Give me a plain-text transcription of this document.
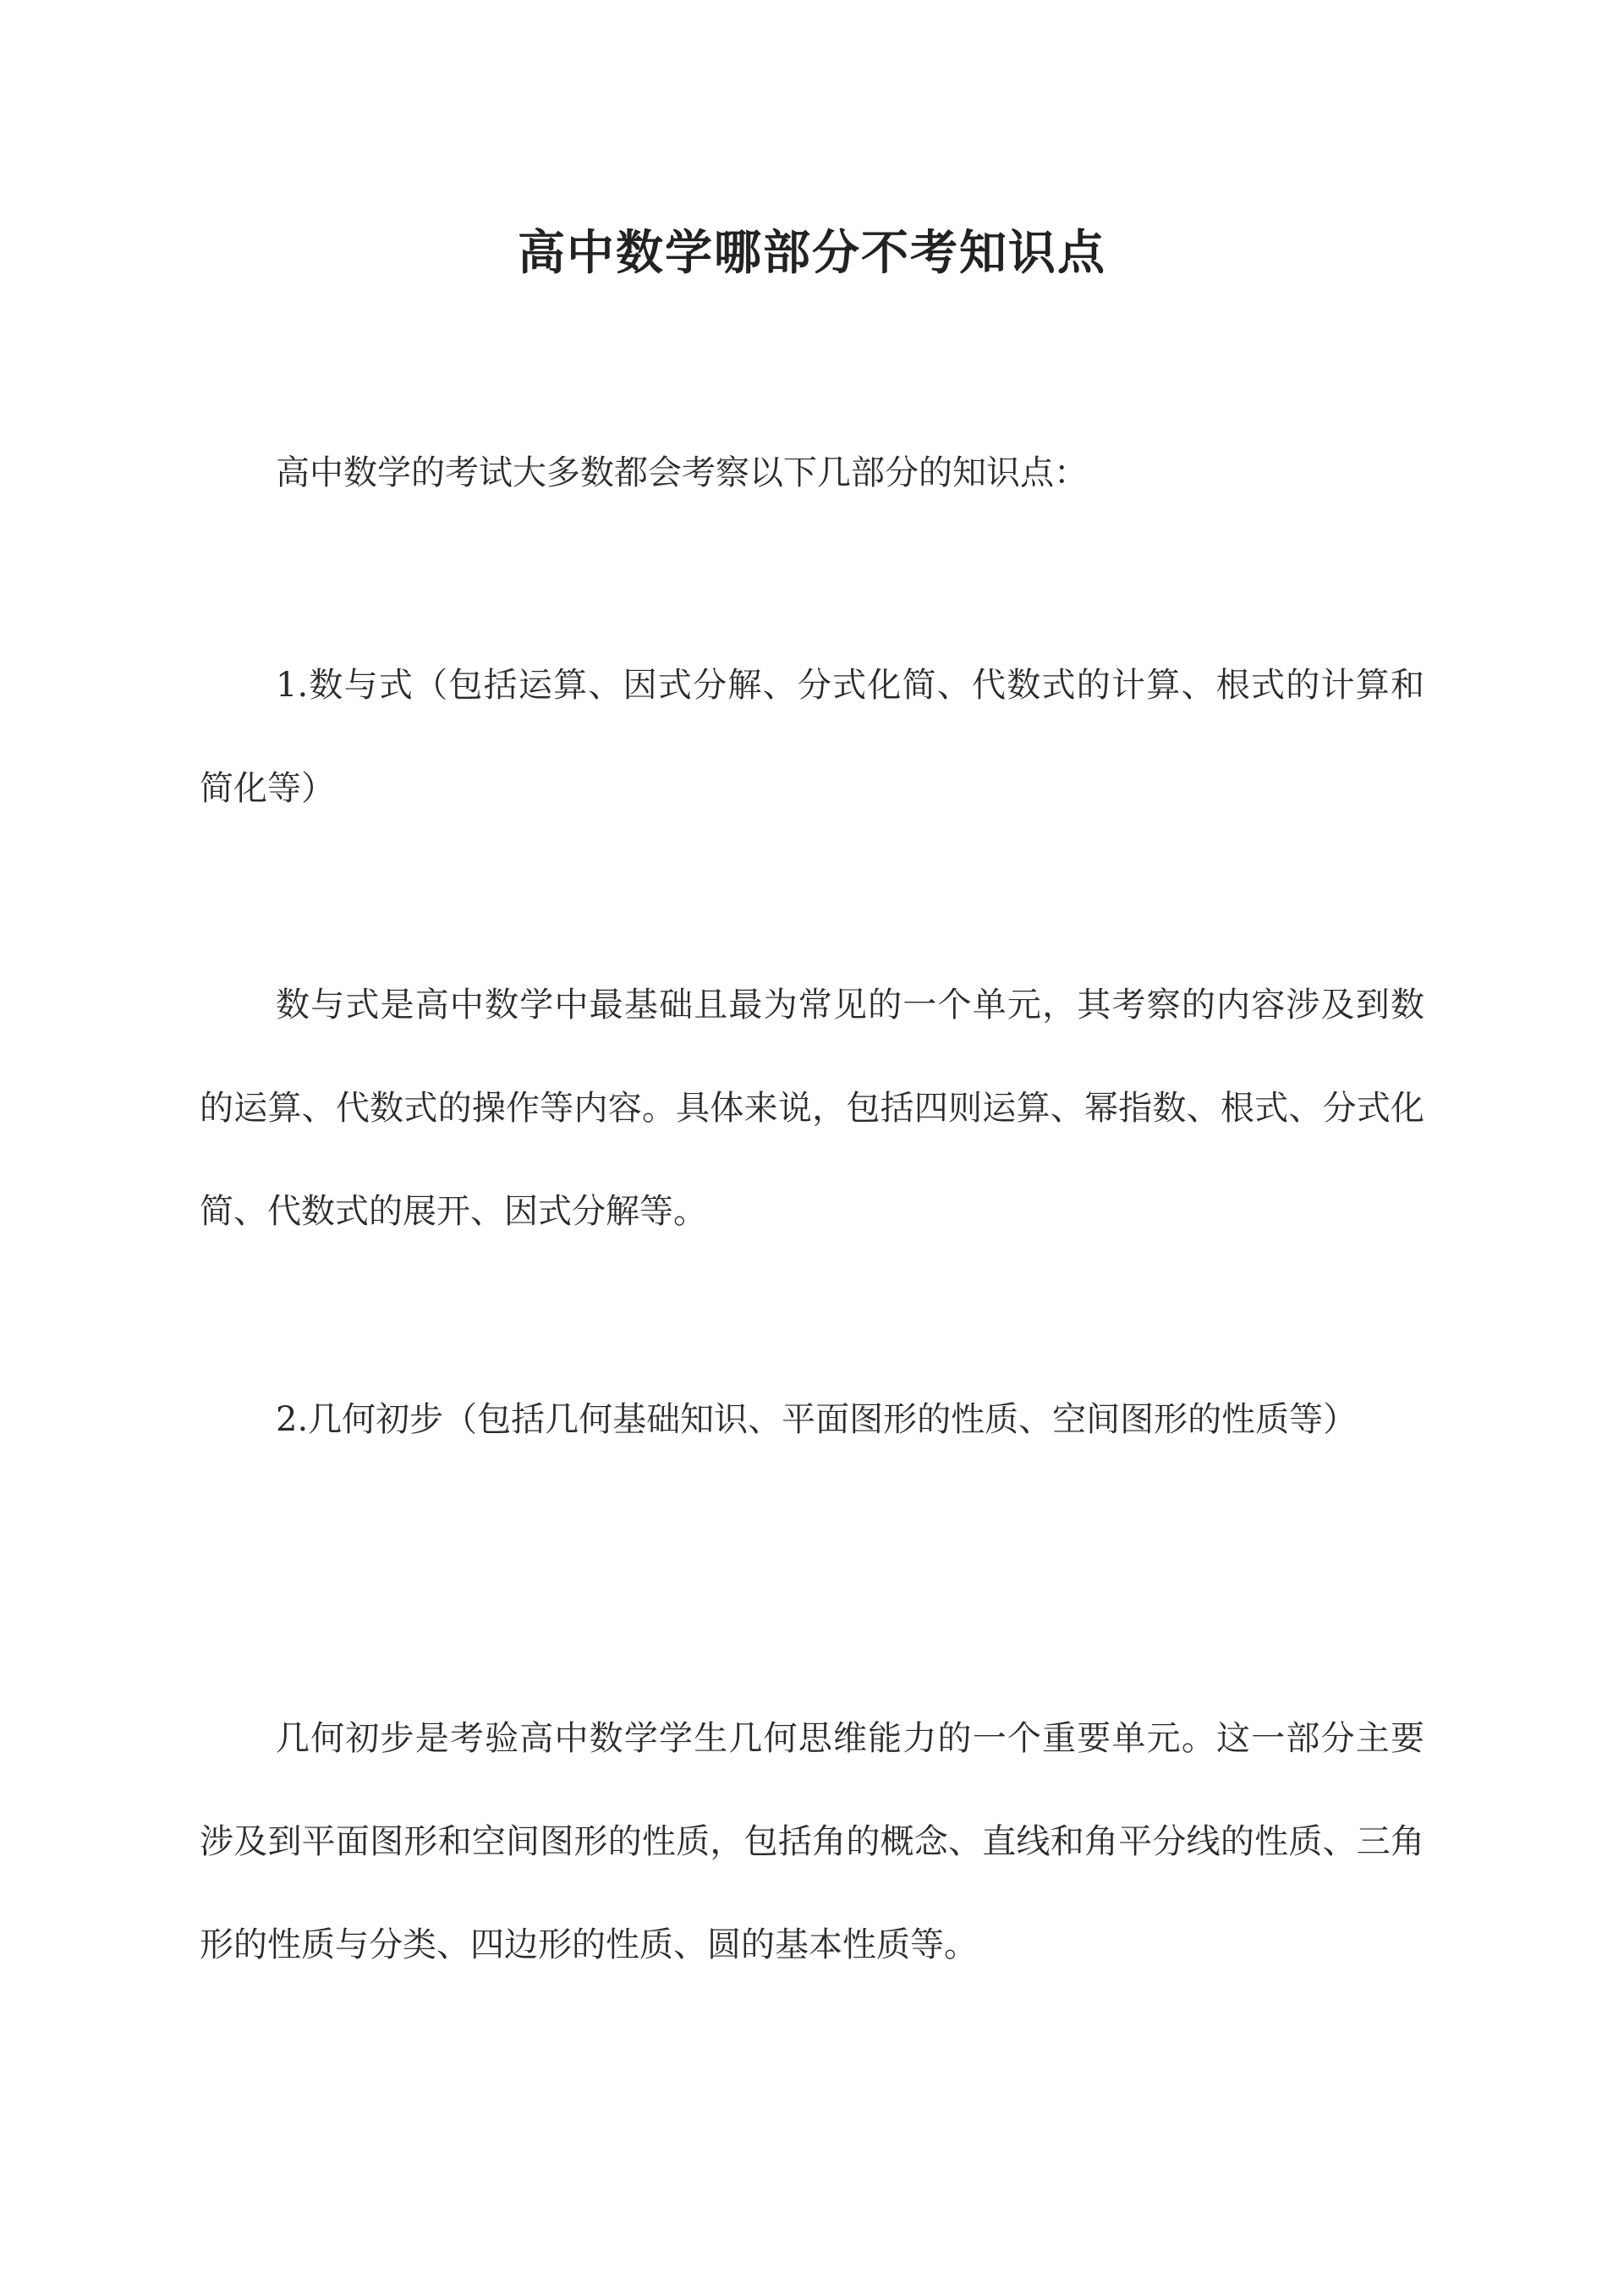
高中数学哪部分不考知识点

高中数学的考试大多数都会考察以下几部分的知识点：

1.数与式（包括运算、因式分解、分式化简、代数式的计算、根式的计算和简化等）

数与式是高中数学中最基础且最为常见的一个单元，其考察的内容涉及到数的运算、代数式的操作等内容。具体来说，包括四则运算、幂指数、根式、分式化简、代数式的展开、因式分解等。

2.几何初步（包括几何基础知识、平面图形的性质、空间图形的性质等）

几何初步是考验高中数学学生几何思维能力的一个重要单元。这一部分主要涉及到平面图形和空间图形的性质，包括角的概念、直线和角平分线的性质、三角形的性质与分类、四边形的性质、圆的基本性质等。
